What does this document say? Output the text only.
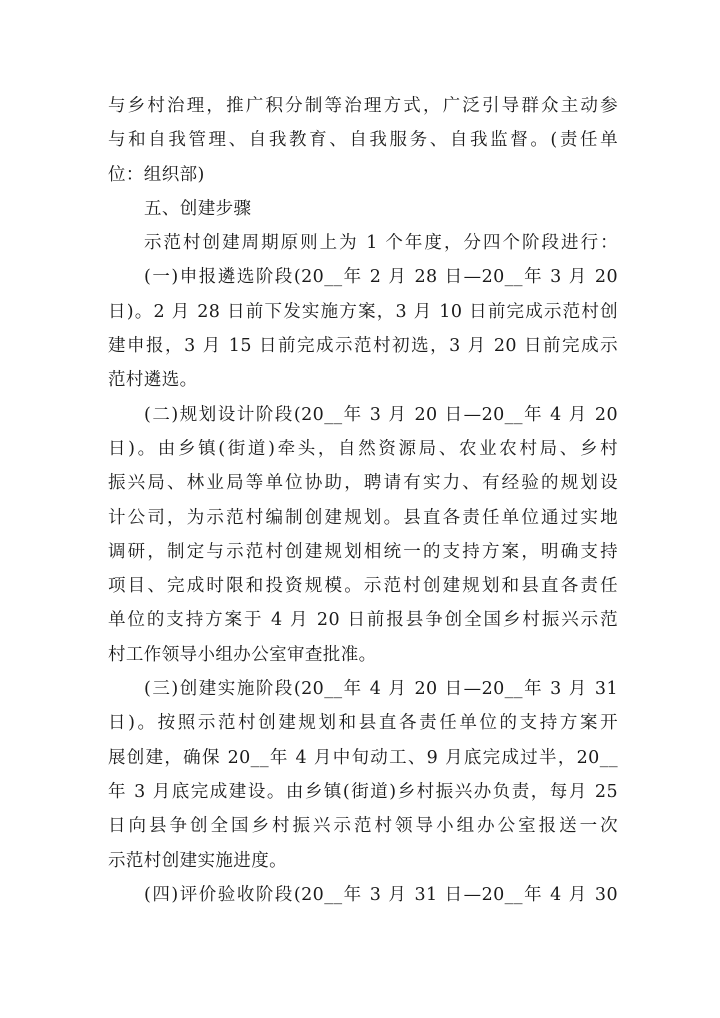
与乡村治理，推广积分制等治理方式，广泛引导群众主动参
与和自我管理、自我教育、自我服务、自我监督。(责任单
位：组织部)
五、创建步骤
示范村创建周期原则上为 1 个年度，分四个阶段进行：
(一)申报遴选阶段(20__年 2 月 28 日—20__年 3 月 20
日)。2 月 28 日前下发实施方案，3 月 10 日前完成示范村创
建申报，3 月 15 日前完成示范村初选，3 月 20 日前完成示
范村遴选。
(二)规划设计阶段(20__年 3 月 20 日—20__年 4 月 20
日)。由乡镇(街道)牵头，自然资源局、农业农村局、乡村
振兴局、林业局等单位协助，聘请有实力、有经验的规划设
计公司，为示范村编制创建规划。县直各责任单位通过实地
调研，制定与示范村创建规划相统一的支持方案，明确支持
项目、完成时限和投资规模。示范村创建规划和县直各责任
单位的支持方案于 4 月 20 日前报县争创全国乡村振兴示范
村工作领导小组办公室审查批准。
(三)创建实施阶段(20__年 4 月 20 日—20__年 3 月 31
日)。按照示范村创建规划和县直各责任单位的支持方案开
展创建，确保 20__年 4 月中旬动工、9 月底完成过半，20__
年 3 月底完成建设。由乡镇(街道)乡村振兴办负责，每月 25
日向县争创全国乡村振兴示范村领导小组办公室报送一次
示范村创建实施进度。
(四)评价验收阶段(20__年 3 月 31 日—20__年 4 月 30
